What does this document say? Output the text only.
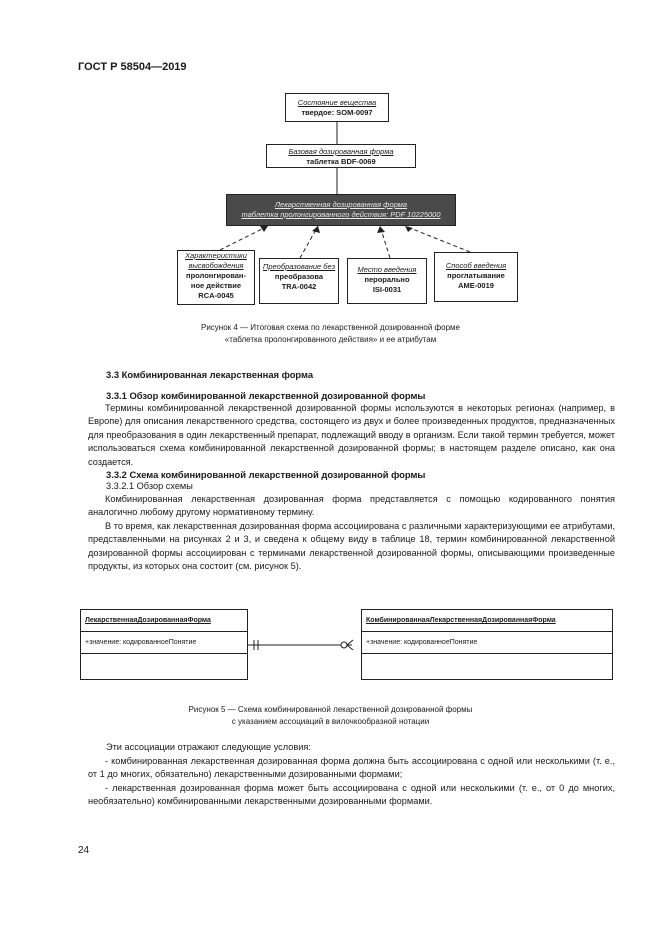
ГОСТ Р 58504—2019
Состояние вещества
твердое: SOM-0097
Базовая дозированная форма
таблетка BDF-0069
Лекарственная дозированная форма
таблетка пролонгированного действия: PDF 10225000
Характеристики высвобождения
пролонгирован-
ное действие
RCA-0045
Преобразование без
преобразова
TRA-0042
Место введения
перорально
ISI-0031
Способ введения
проглатывание
AME-0019
Рисунок 4 — Итоговая схема по лекарственной дозированной форме
«таблетка пролонгированного действия» и ее атрибутам
3.3 Комбинированная лекарственная форма
3.3.1 Обзор комбинированной лекарственной дозированной формы
Термины комбинированной лекарственной дозированной формы используются в некоторых регионах (например, в Европе) для описания лекарственного средства, состоящего из двух и более произведенных продуктов, предназначенных для преобразования в один лекарственный препарат, подлежащий вводу в организм. Если такой термин требуется, может использоваться схема комбинированной лекарственной дозированной формы; в настоящем разделе описано, как она создается.
3.3.2 Схема комбинированной лекарственной дозированной формы
3.3.2.1 Обзор схемы
Комбинированная лекарственная дозированная форма представляется с помощью кодированного понятия аналогично любому другому нормативному термину.
В то время, как лекарственная дозированная форма ассоциирована с различными характеризующими ее атрибутами, представленными на рисунках 2 и 3, и сведена к общему виду в таблице 18, термин комбинированной лекарственной дозированной формы ассоциирован с терминами лекарственной дозированной формы, описывающими произведенные продукты, из которых она состоит (см. рисунок 5).
ЛекарственнаяДозированнаяФорма
+значение: кодированноеПонятие
КомбинированнаяЛекарственнаяДозированнаяФорма
+значение: кодированноеПонятие
Рисунок 5 — Схема комбинированной лекарственной дозированной формы
с указанием ассоциаций в вилочкообразной нотации
Эти ассоциации отражают следующие условия:
- комбинированная лекарственная дозированная форма должна быть ассоциирована с одной или несколькими (т. е., от 1 до многих, обязательно) лекарственными дозированными формами;
- лекарственная дозированная форма может быть ассоциирована с одной или несколькими (т. е., от 0 до многих, необязательно) комбинированными лекарственными дозированными формами.
24
